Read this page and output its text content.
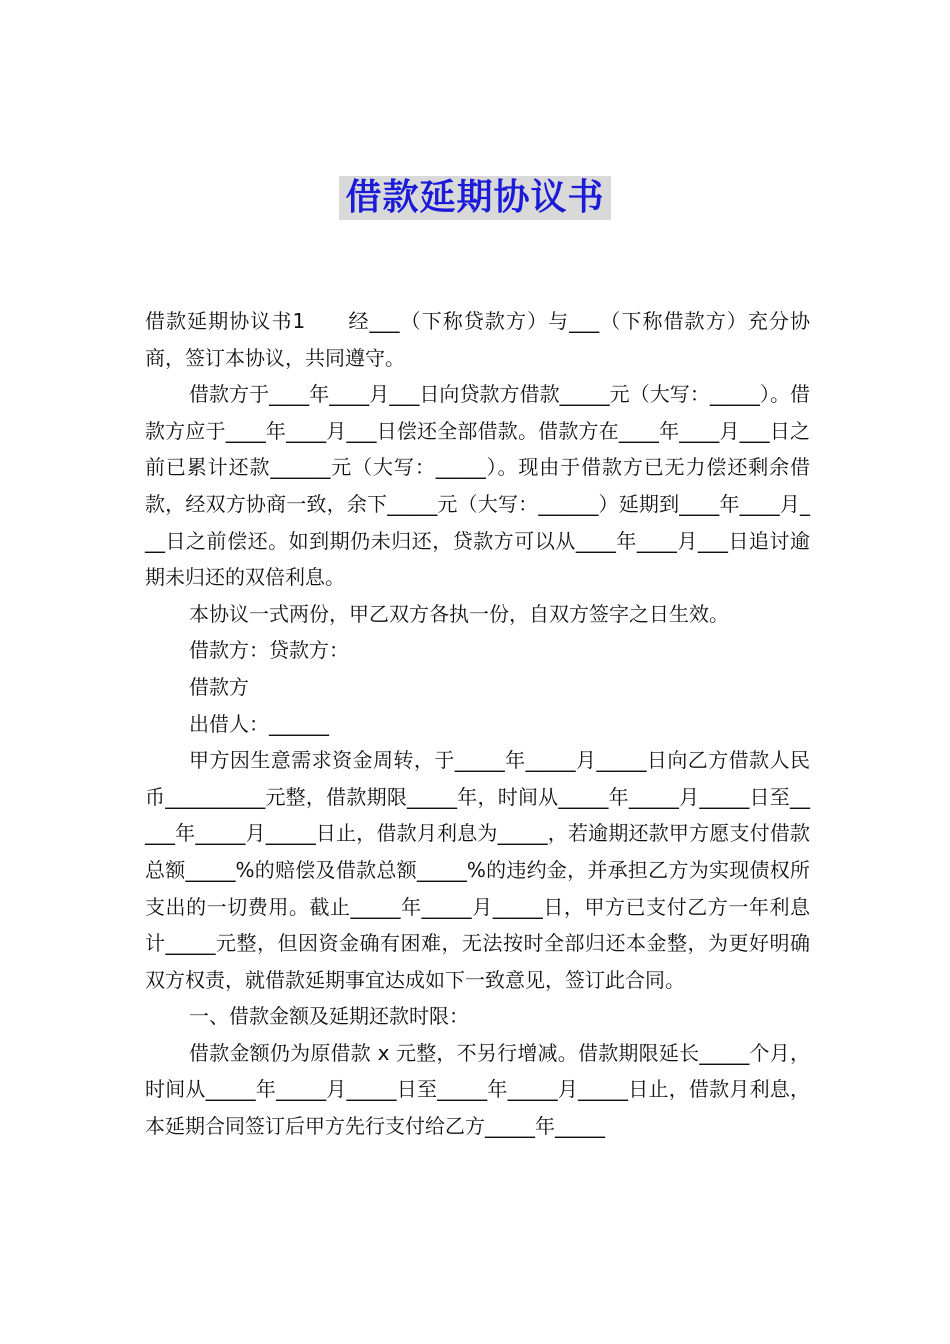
借款延期协议书

借款延期协议书1　　经___（下称贷款方）与___（下称借款方）充分协商，签订本协议，共同遵守。

借款方于____年____月___日向贷款方借款_____元（大写：_____）。借款方应于____年____月___日偿还全部借款。借款方在____年____月___日之前已累计还款______元（大写：_____）。现由于借款方已无力偿还剩余借款，经双方协商一致，余下_____元（大写：______）延期到____年____月___日之前偿还。如到期仍未归还，贷款方可以从____年____月___日追讨逾期未归还的双倍利息。

本协议一式两份，甲乙双方各执一份，自双方签字之日生效。

借款方：贷款方：

借款方

出借人：______

甲方因生意需求资金周转，于_____年_____月_____日向乙方借款人民币__________元整，借款期限_____年，时间从_____年_____月_____日至_____年_____月_____日止，借款月利息为_____，若逾期还款甲方愿支付借款总额_____%的赔偿及借款总额_____%的违约金，并承担乙方为实现债权所支出的一切费用。截止_____年_____月_____日，甲方已支付乙方一年利息计_____元整，但因资金确有困难，无法按时全部归还本金整，为更好明确双方权责，就借款延期事宜达成如下一致意见，签订此合同。

一、借款金额及延期还款时限：

借款金额仍为原借款 x 元整，不另行增减。借款期限延长_____个月，时间从_____年_____月_____日至_____年_____月_____日止，借款月利息，本延期合同签订后甲方先行支付给乙方_____年_____
